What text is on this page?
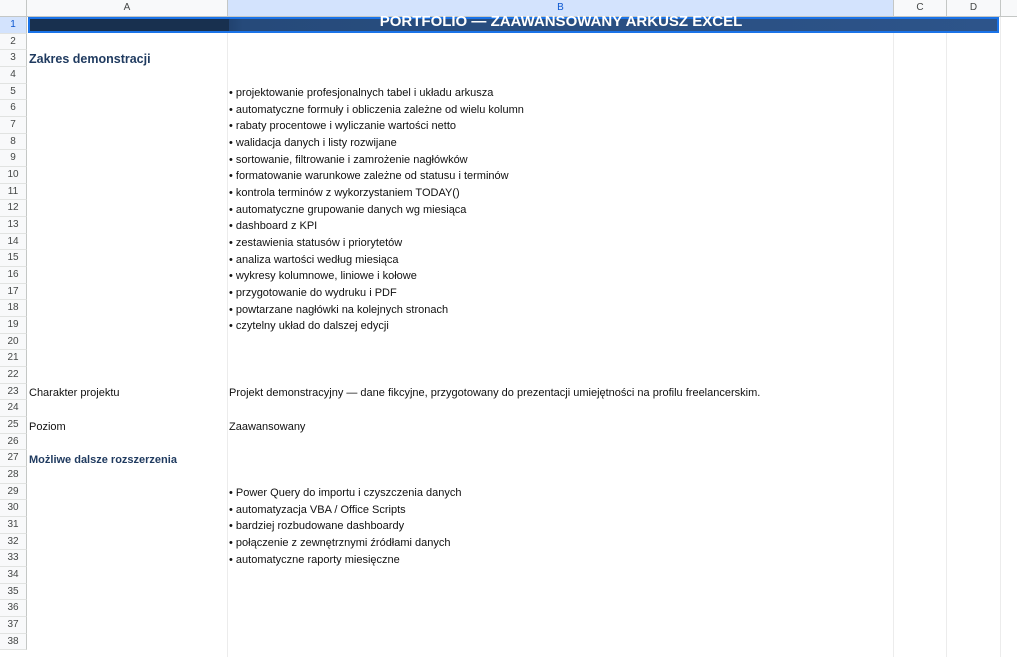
A	B	C	D
1
2
3
4
5
6
7
8
9
10
11
12
13
14
15
16
17
18
19
20
21
22
23
24
25
26
27
28
29
30
31
32
33
34
35
36
37
38
PORTFOLIO — ZAAWANSOWANY ARKUSZ EXCEL
Zakres demonstracji
• projektowanie profesjonalnych tabel i układu arkusza
• automatyczne formuły i obliczenia zależne od wielu kolumn
• rabaty procentowe i wyliczanie wartości netto
• walidacja danych i listy rozwijane
• sortowanie, filtrowanie i zamrożenie nagłówków
• formatowanie warunkowe zależne od statusu i terminów
• kontrola terminów z wykorzystaniem TODAY()
• automatyczne grupowanie danych wg miesiąca
• dashboard z KPI
• zestawienia statusów i priorytetów
• analiza wartości według miesiąca
• wykresy kolumnowe, liniowe i kołowe
• przygotowanie do wydruku i PDF
• powtarzane nagłówki na kolejnych stronach
• czytelny układ do dalszej edycji
Charakter projektu	Projekt demonstracyjny — dane fikcyjne, przygotowany do prezentacji umiejętności na profilu freelancerskim.
Poziom	Zaawansowany
Możliwe dalsze rozszerzenia
• Power Query do importu i czyszczenia danych
• automatyzacja VBA / Office Scripts
• bardziej rozbudowane dashboardy
• połączenie z zewnętrznymi źródłami danych
• automatyczne raporty miesięczne
